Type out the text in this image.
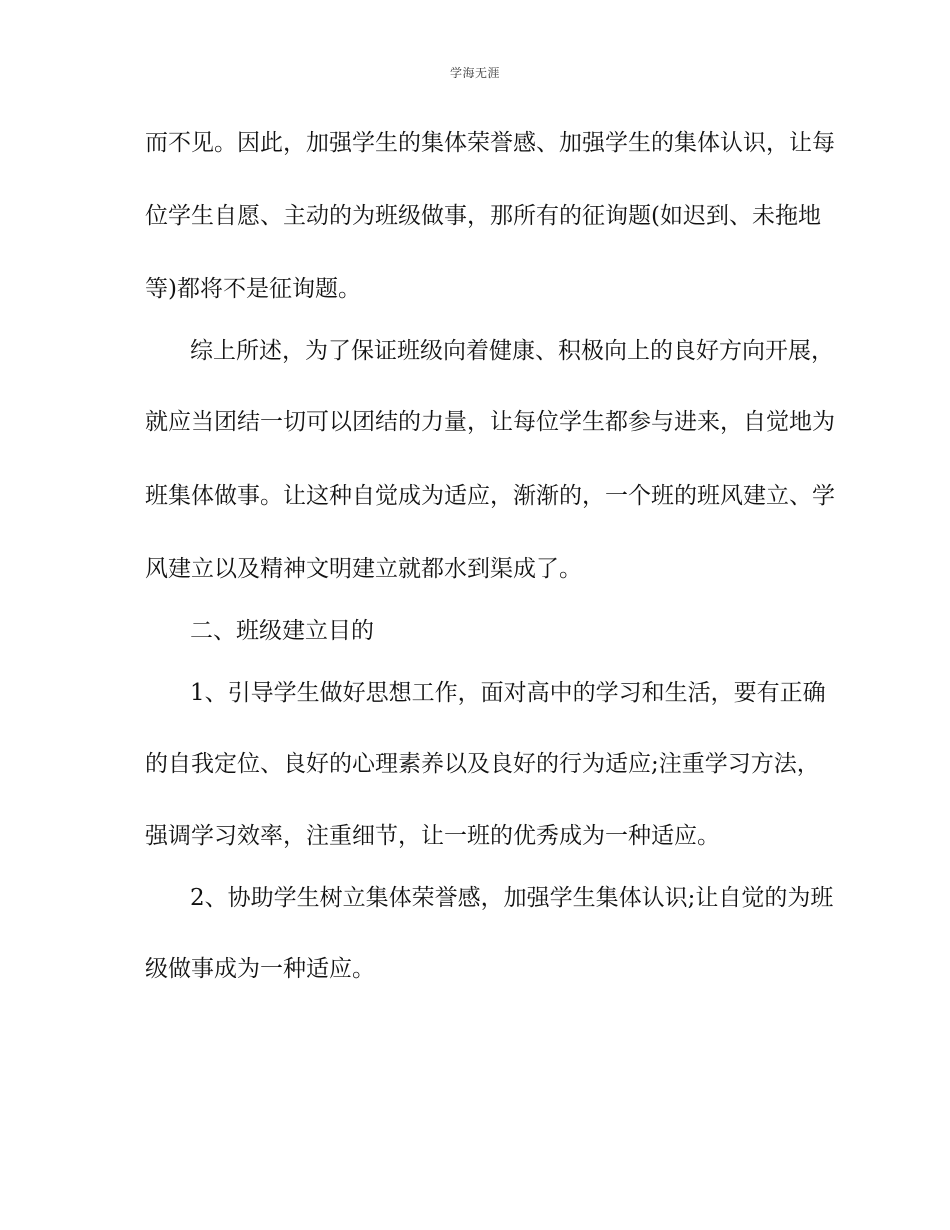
学海无涯
而不见。因此，加强学生的集体荣誉感、加强学生的集体认识，让每
位学生自愿、主动的为班级做事，那所有的征询题(如迟到、未拖地
等)都将不是征询题。
综上所述，为了保证班级向着健康、积极向上的良好方向开展，
就应当团结一切可以团结的力量，让每位学生都参与进来，自觉地为
班集体做事。让这种自觉成为适应，渐渐的，一个班的班风建立、学
风建立以及精神文明建立就都水到渠成了。
二、班级建立目的
1、引导学生做好思想工作，面对高中的学习和生活，要有正确
的自我定位、良好的心理素养以及良好的行为适应;注重学习方法，
强调学习效率，注重细节，让一班的优秀成为一种适应。
2、协助学生树立集体荣誉感，加强学生集体认识;让自觉的为班
级做事成为一种适应。
